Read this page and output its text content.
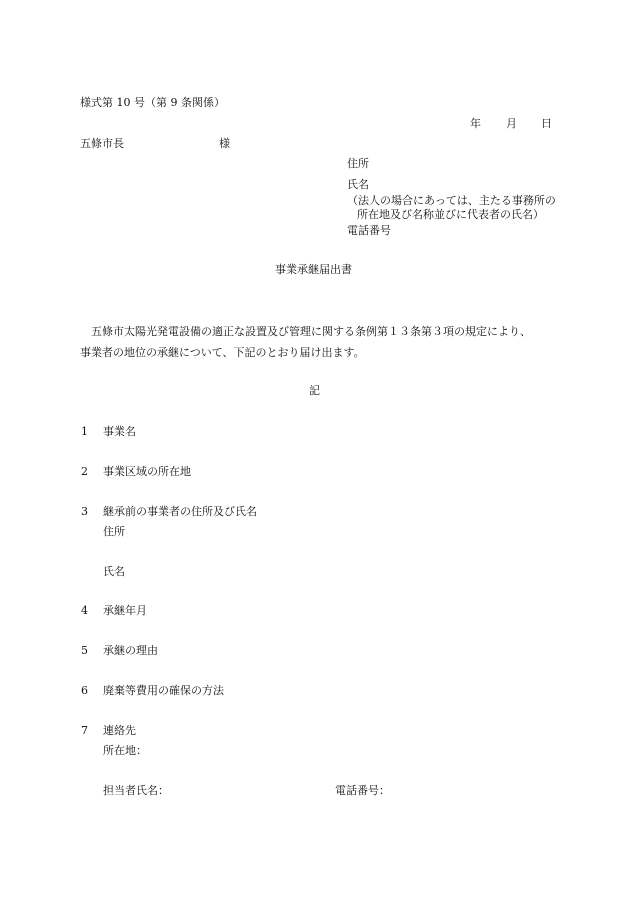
様式第 10 号（第 9 条関係）
年 月 日
五條市長	様
住所
氏名
（法人の場合にあっては、主たる事務所の
所在地及び名称並びに代表者の氏名）
電話番号
事業承継届出書
五條市太陽光発電設備の適正な設置及び管理に関する条例第１３条第３項の規定により、
事業者の地位の承継について、下記のとおり届け出ます。
記
1 事業名
2 事業区域の所在地
3 継承前の事業者の住所及び氏名
住所
氏名
4 承継年月
5 承継の理由
6 廃棄等費用の確保の方法
7 連絡先
所在地：
担当者氏名：	電話番号：
